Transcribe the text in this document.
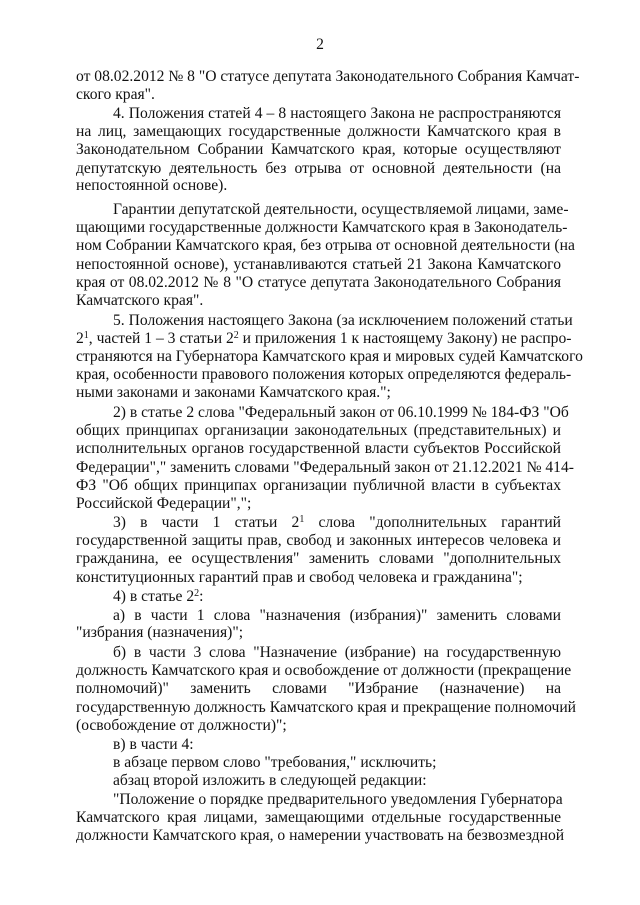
2
от 08.02.2012 № 8 "О статусе депутата Законодательного Собрания Камчат-
ского края".
4. Положения статей 4 – 8 настоящего Закона не распространяются
на лиц, замещающих государственные должности Камчатского края в
Законодательном Собрании Камчатского края, которые осуществляют
депутатскую деятельность без отрыва от основной деятельности (на
непостоянной основе).
Гарантии депутатской деятельности, осуществляемой лицами, заме-
щающими государственные должности Камчатского края в Законодатель-
ном Собрании Камчатского края, без отрыва от основной деятельности (на
непостоянной основе), устанавливаются статьей 21 Закона Камчатского
края от 08.02.2012 № 8 "О статусе депутата Законодательного Собрания
Камчатского края".
5. Положения настоящего Закона (за исключением положений статьи
$2^1$, частей 1 – 3 статьи $2^2$ и приложения 1 к настоящему Закону) не распро-
страняются на Губернатора Камчатского края и мировых судей Камчатского
края, особенности правового положения которых определяются федераль-
ными законами и законами Камчатского края.";
2) в статье 2 слова "Федеральный закон от 06.10.1999 № 184-ФЗ "Об
общих принципах организации законодательных (представительных) и
исполнительных органов государственной власти субъектов Российской
Федерации"," заменить словами "Федеральный закон от 21.12.2021 № 414-
ФЗ "Об общих принципах организации публичной власти в субъектах
Российской Федерации",";
3)   в   части   1   статьи   $2^1$   слова   "дополнительных   гарантий
государственной защиты прав, свобод и законных интересов человека и
гражданина, ее осуществления" заменить словами "дополнительных
конституционных гарантий прав и свобод человека и гражданина";
4) в статье $2^2$:
а) в части 1 слова "назначения (избрания)" заменить словами
"избрания (назначения)";
б) в части 3 слова "Назначение (избрание) на государственную
должность Камчатского края и освобождение от должности (прекращение
полномочий)"    заменить    словами    "Избрание    (назначение)    на
государственную должность Камчатского края и прекращение полномочий
(освобождение от должности)";
в) в части 4:
в абзаце первом слово "требования," исключить;
абзац второй изложить в следующей редакции:
"Положение о порядке предварительного уведомления Губернатора
Камчатского края лицами, замещающими отдельные государственные
должности Камчатского края, о намерении участвовать на безвозмездной
